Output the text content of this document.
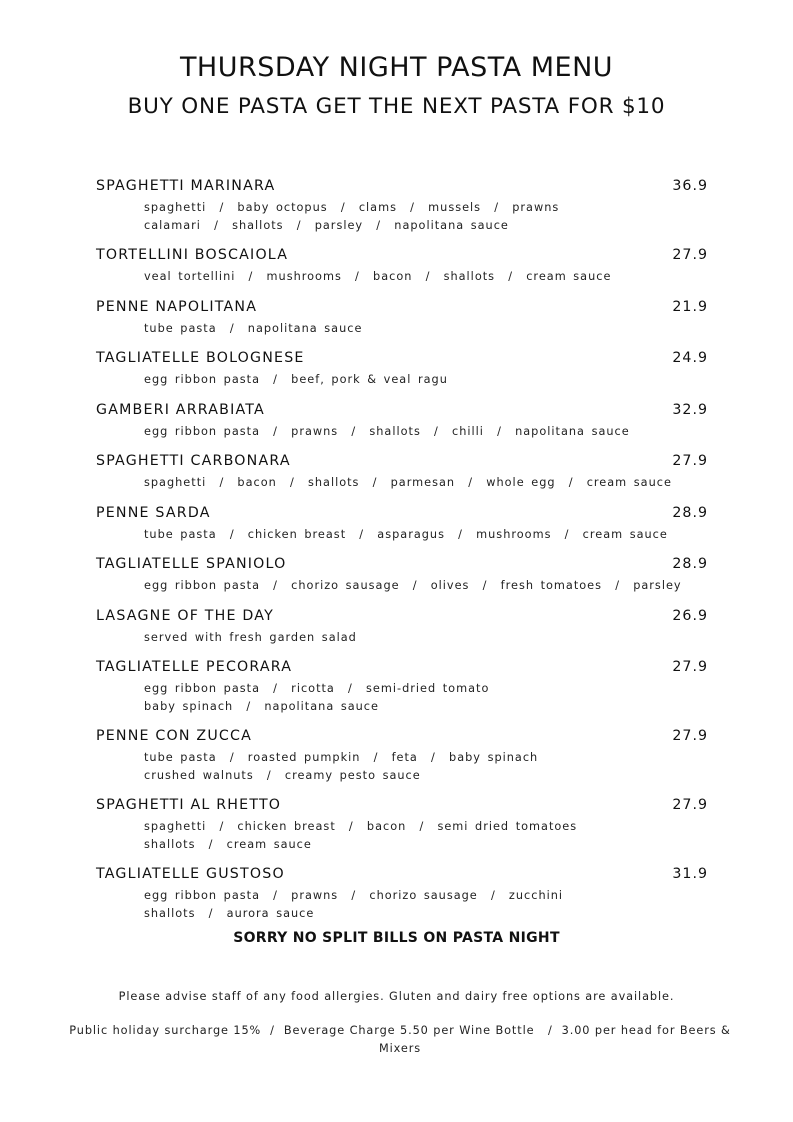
THURSDAY NIGHT PASTA MENU
BUY ONE PASTA GET THE NEXT PASTA FOR $10
SPAGHETTI MARINARA	36.9
spaghetti  /  baby octopus  /  clams  /  mussels  /  prawns
calamari  /  shallots  /  parsley  /  napolitana sauce
TORTELLINI BOSCAIOLA	27.9
veal tortellini  /  mushrooms  /  bacon  /  shallots  /  cream sauce
PENNE NAPOLITANA	21.9
tube pasta  /  napolitana sauce
TAGLIATELLE BOLOGNESE	24.9
egg ribbon pasta  /  beef, pork & veal ragu
GAMBERI ARRABIATA	32.9
egg ribbon pasta  /  prawns  /  shallots  /  chilli  /  napolitana sauce
SPAGHETTI CARBONARA	27.9
spaghetti  /  bacon  /  shallots  /  parmesan  /  whole egg  /  cream sauce
PENNE SARDA	28.9
tube pasta  /  chicken breast  /  asparagus  /  mushrooms  /  cream sauce
TAGLIATELLE SPANIOLO	28.9
egg ribbon pasta  /  chorizo sausage  /  olives  /  fresh tomatoes  /  parsley
LASAGNE OF THE DAY	26.9
served with fresh garden salad
TAGLIATELLE PECORARA	27.9
egg ribbon pasta  /  ricotta  /  semi-dried tomato
baby spinach  /  napolitana sauce
PENNE CON ZUCCA	27.9
tube pasta  /  roasted pumpkin  /  feta  /  baby spinach
crushed walnuts  /  creamy pesto sauce
SPAGHETTI AL RHETTO	27.9
spaghetti  /  chicken breast  /  bacon  /  semi dried tomatoes
shallots  /  cream sauce
TAGLIATELLE GUSTOSO	31.9
egg ribbon pasta  /  prawns  /  chorizo sausage  /  zucchini
shallots  /  aurora sauce
SORRY NO SPLIT BILLS ON PASTA NIGHT
Please advise staff of any food allergies. Gluten and dairy free options are available.
Public holiday surcharge 15%  /  Beverage Charge 5.50 per Wine Bottle   /  3.00 per head for Beers & Mixers
